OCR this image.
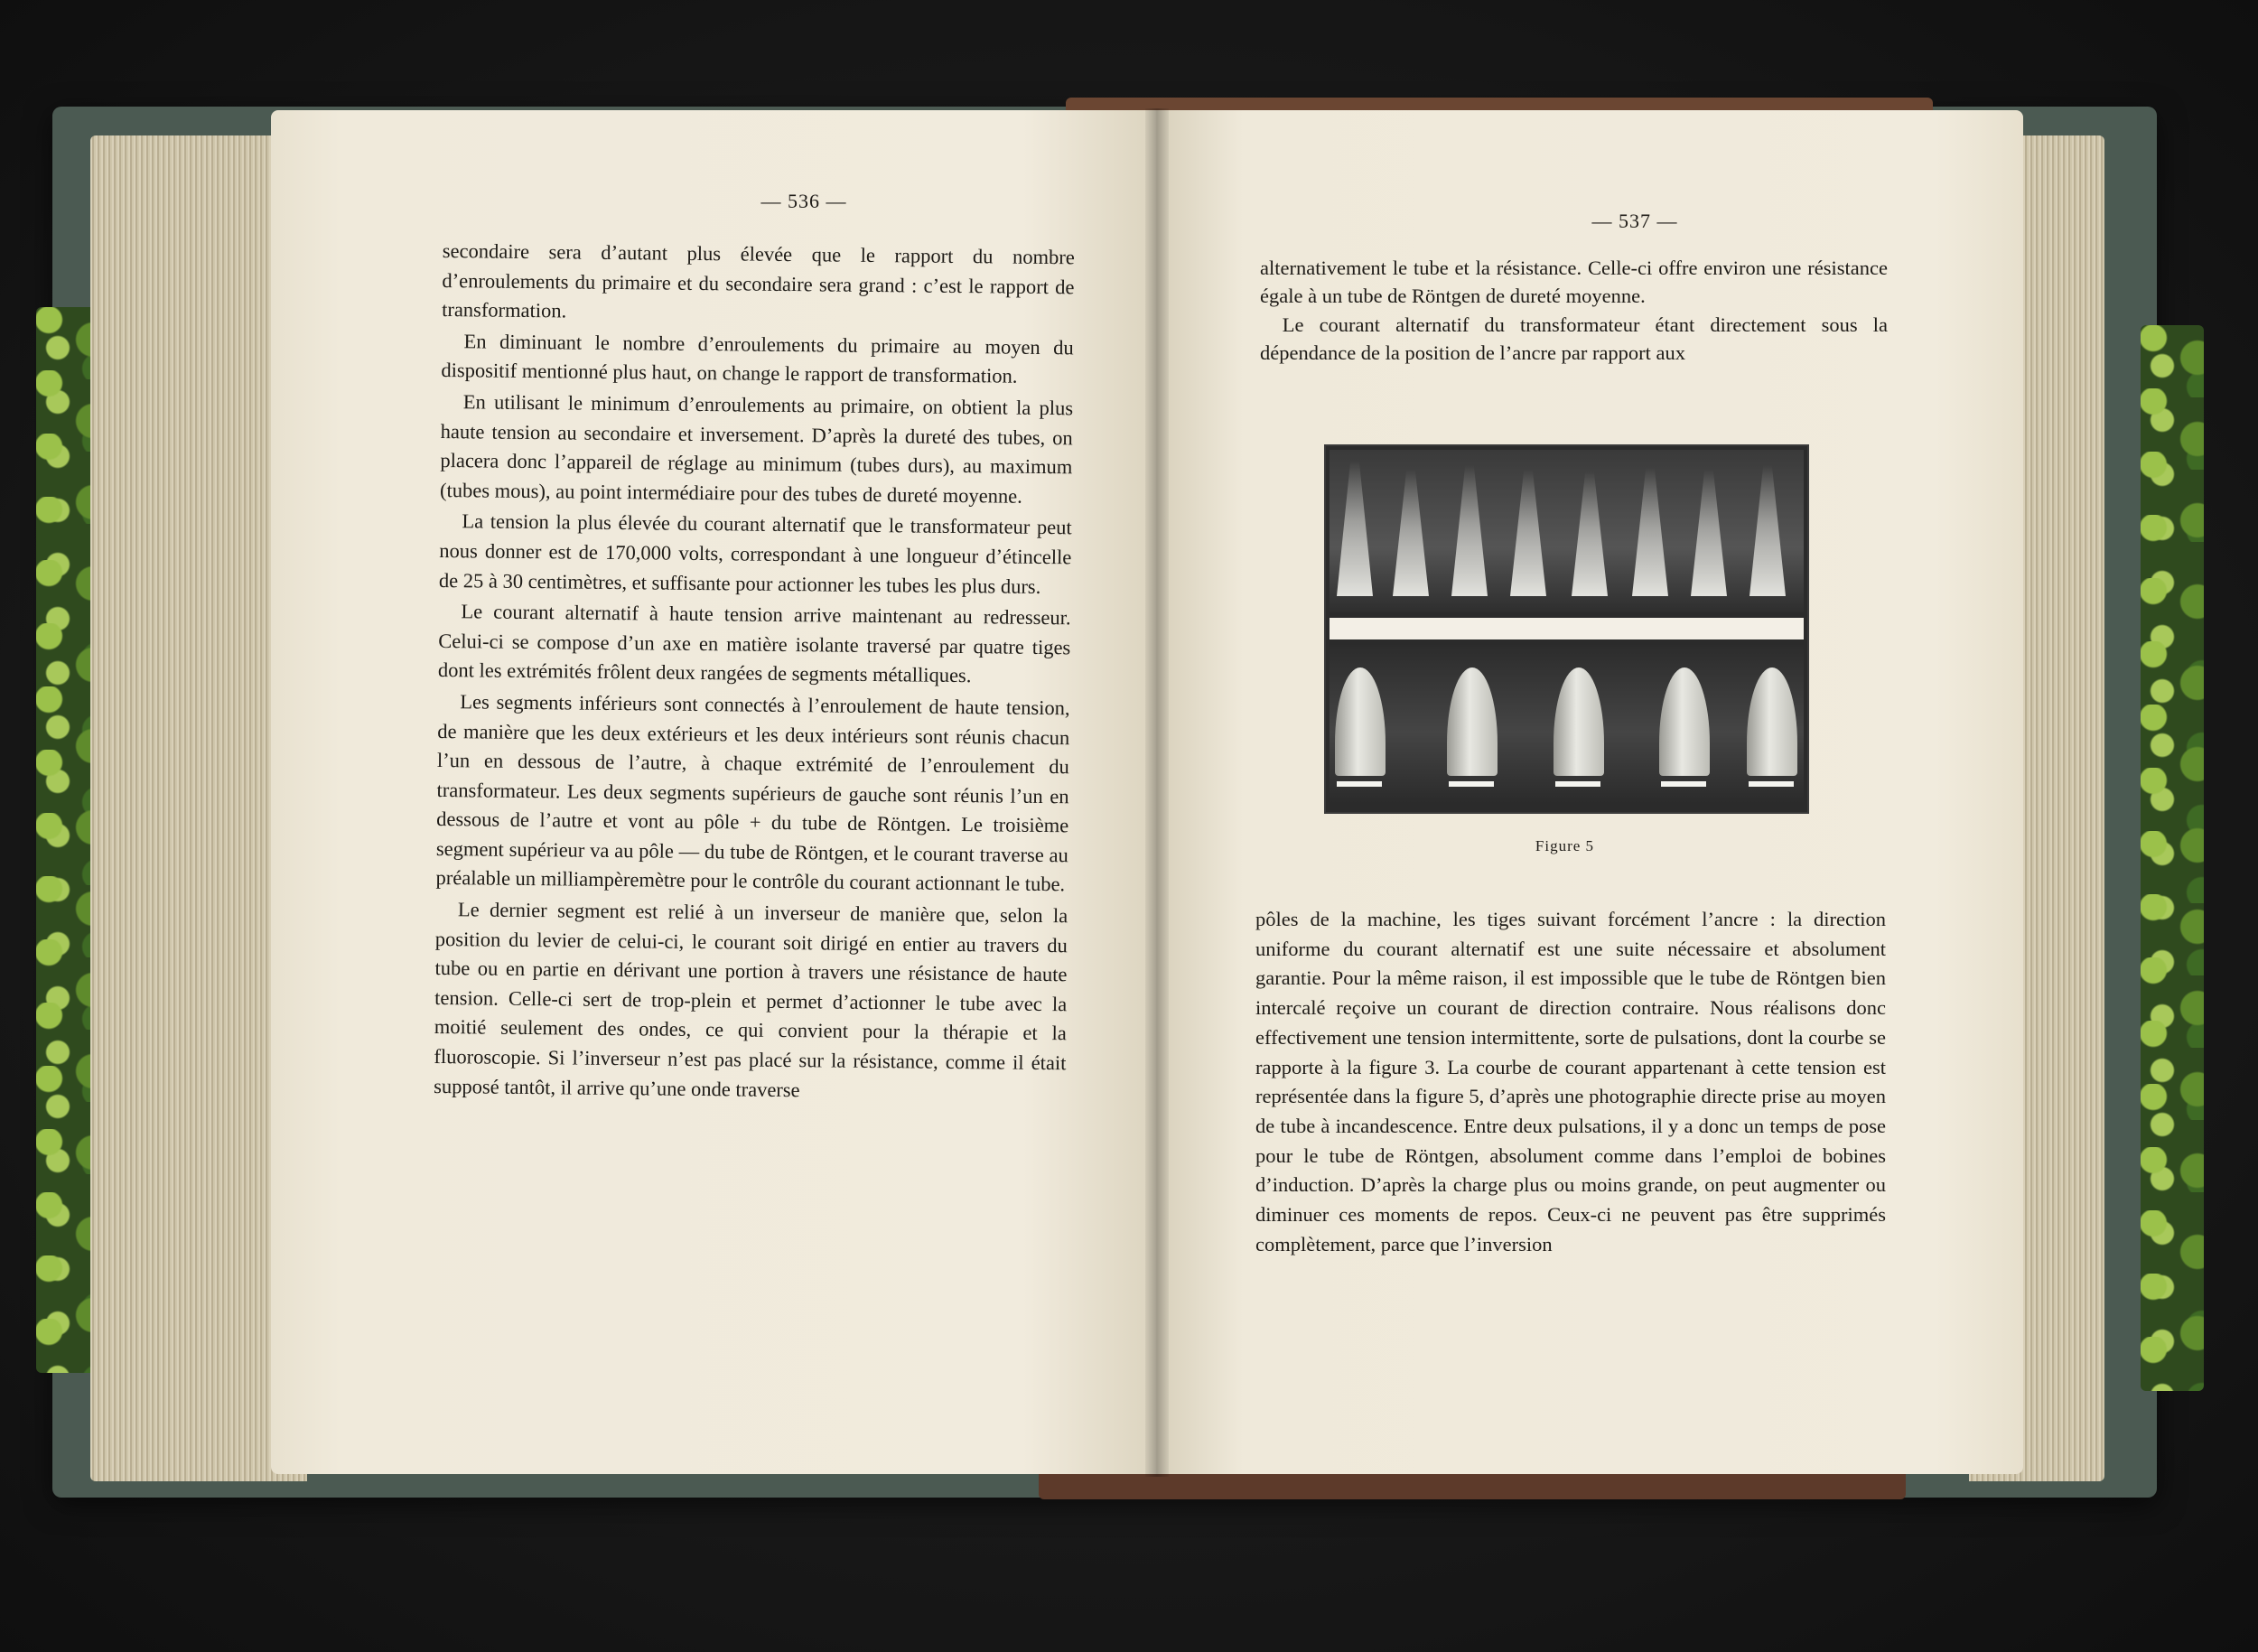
— 536 —

secondaire sera d’autant plus élevée que le rapport du nombre d’enroulements du primaire et du secondaire sera grand : c’est le rapport de transformation.

En diminuant le nombre d’enroulements du primaire au moyen du dispositif mentionné plus haut, on change le rapport de transformation.

En utilisant le minimum d’enroulements au primaire, on obtient la plus haute tension au secondaire et inversement. D’après la dureté des tubes, on placera donc l’appareil de réglage au minimum (tubes durs), au maximum (tubes mous), au point intermédiaire pour des tubes de dureté moyenne.

La tension la plus élevée du courant alternatif que le transformateur peut nous donner est de 170,000 volts, correspondant à une longueur d’étincelle de 25 à 30 centimètres, et suffisante pour actionner les tubes les plus durs.

Le courant alternatif à haute tension arrive maintenant au redresseur. Celui-ci se compose d’un axe en matière isolante traversé par quatre tiges dont les extrémités frôlent deux rangées de segments métalliques.

Les segments inférieurs sont connectés à l’enroulement de haute tension, de manière que les deux extérieurs et les deux intérieurs sont réunis chacun l’un en dessous de l’autre, à chaque extrémité de l’enroulement du transformateur. Les deux segments supérieurs de gauche sont réunis l’un en dessous de l’autre et vont au pôle + du tube de Röntgen. Le troisième segment supérieur va au pôle — du tube de Röntgen, et le courant traverse au préalable un milliampèremètre pour le contrôle du courant actionnant le tube.

Le dernier segment est relié à un inverseur de manière que, selon la position du levier de celui-ci, le courant soit dirigé en entier au travers du tube ou en partie en dérivant une portion à travers une résistance de haute tension. Celle-ci sert de trop-plein et permet d’actionner le tube avec la moitié seulement des ondes, ce qui convient pour la thérapie et la fluoroscopie. Si l’inverseur n’est pas placé sur la résistance, comme il était supposé tantôt, il arrive qu’une onde traverse

— 537 —

alternativement le tube et la résistance. Celle-ci offre environ une résistance égale à un tube de Röntgen de dureté moyenne.

Le courant alternatif du transformateur étant directement sous la dépendance de la position de l’ancre par rapport aux

Figure 5

pôles de la machine, les tiges suivant forcément l’ancre : la direction uniforme du courant alternatif est une suite nécessaire et absolument garantie. Pour la même raison, il est impossible que le tube de Röntgen bien intercalé reçoive un courant de direction contraire. Nous réalisons donc effectivement une tension intermittente, sorte de pulsations, dont la courbe se rapporte à la figure 3. La courbe de courant appartenant à cette tension est représentée dans la figure 5, d’après une photographie directe prise au moyen de tube à incandescence. Entre deux pulsations, il y a donc un temps de pose pour le tube de Röntgen, absolument comme dans l’emploi de bobines d’induction. D’après la charge plus ou moins grande, on peut augmenter ou diminuer ces moments de repos. Ceux-ci ne peuvent pas être supprimés complètement, parce que l’inversion
